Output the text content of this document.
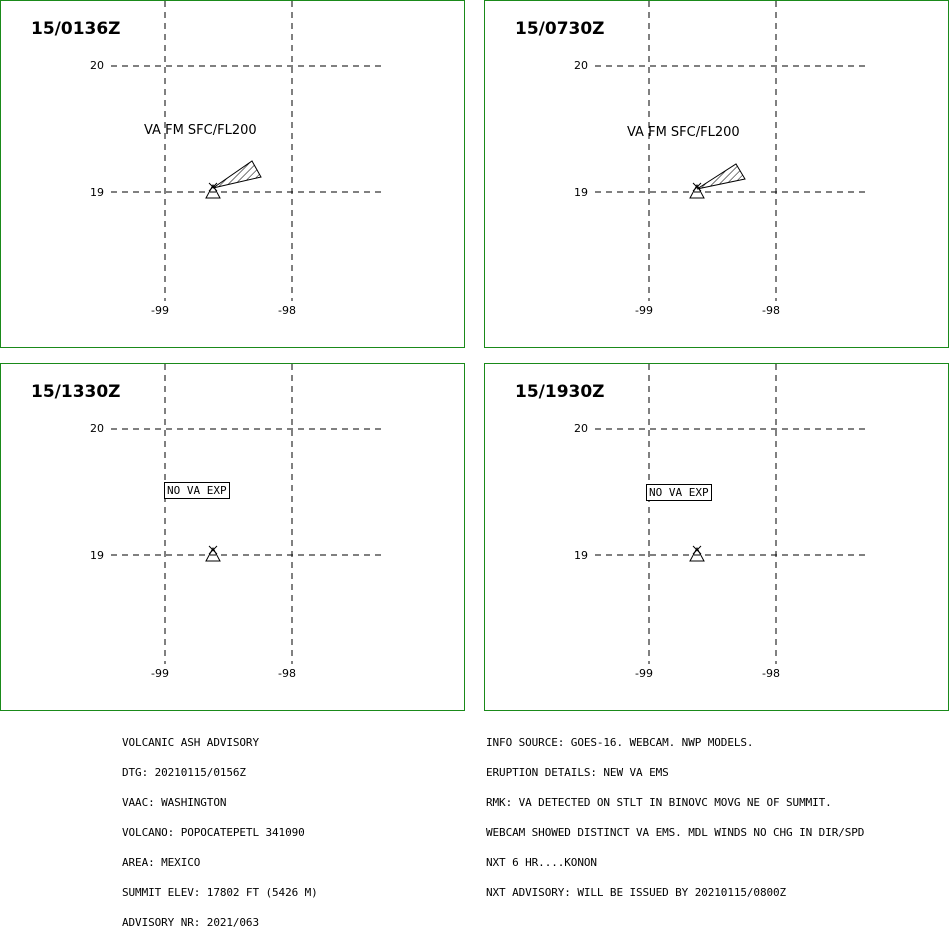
15/0136Z
20
19
-99	-98
VA FM SFC/FL200
15/0730Z
20
19
-99	-98
VA FM SFC/FL200
15/1330Z
20
19
-99	-98
NO VA EXP
15/1930Z
20
19
-99	-98
NO VA EXP

VOLCANIC ASH ADVISORY

DTG: 20210115/0156Z

VAAC: WASHINGTON

VOLCANO: POPOCATEPETL 341090

AREA: MEXICO

SUMMIT ELEV: 17802 FT (5426 M)

ADVISORY NR: 2021/063

INFO SOURCE: GOES-16. WEBCAM. NWP MODELS.

ERUPTION DETAILS: NEW VA EMS

RMK: VA DETECTED ON STLT IN BINOVC MOVG NE OF SUMMIT.

WEBCAM SHOWED DISTINCT VA EMS. MDL WINDS NO CHG IN DIR/SPD

NXT 6 HR....KONON

NXT ADVISORY: WILL BE ISSUED BY 20210115/0800Z
